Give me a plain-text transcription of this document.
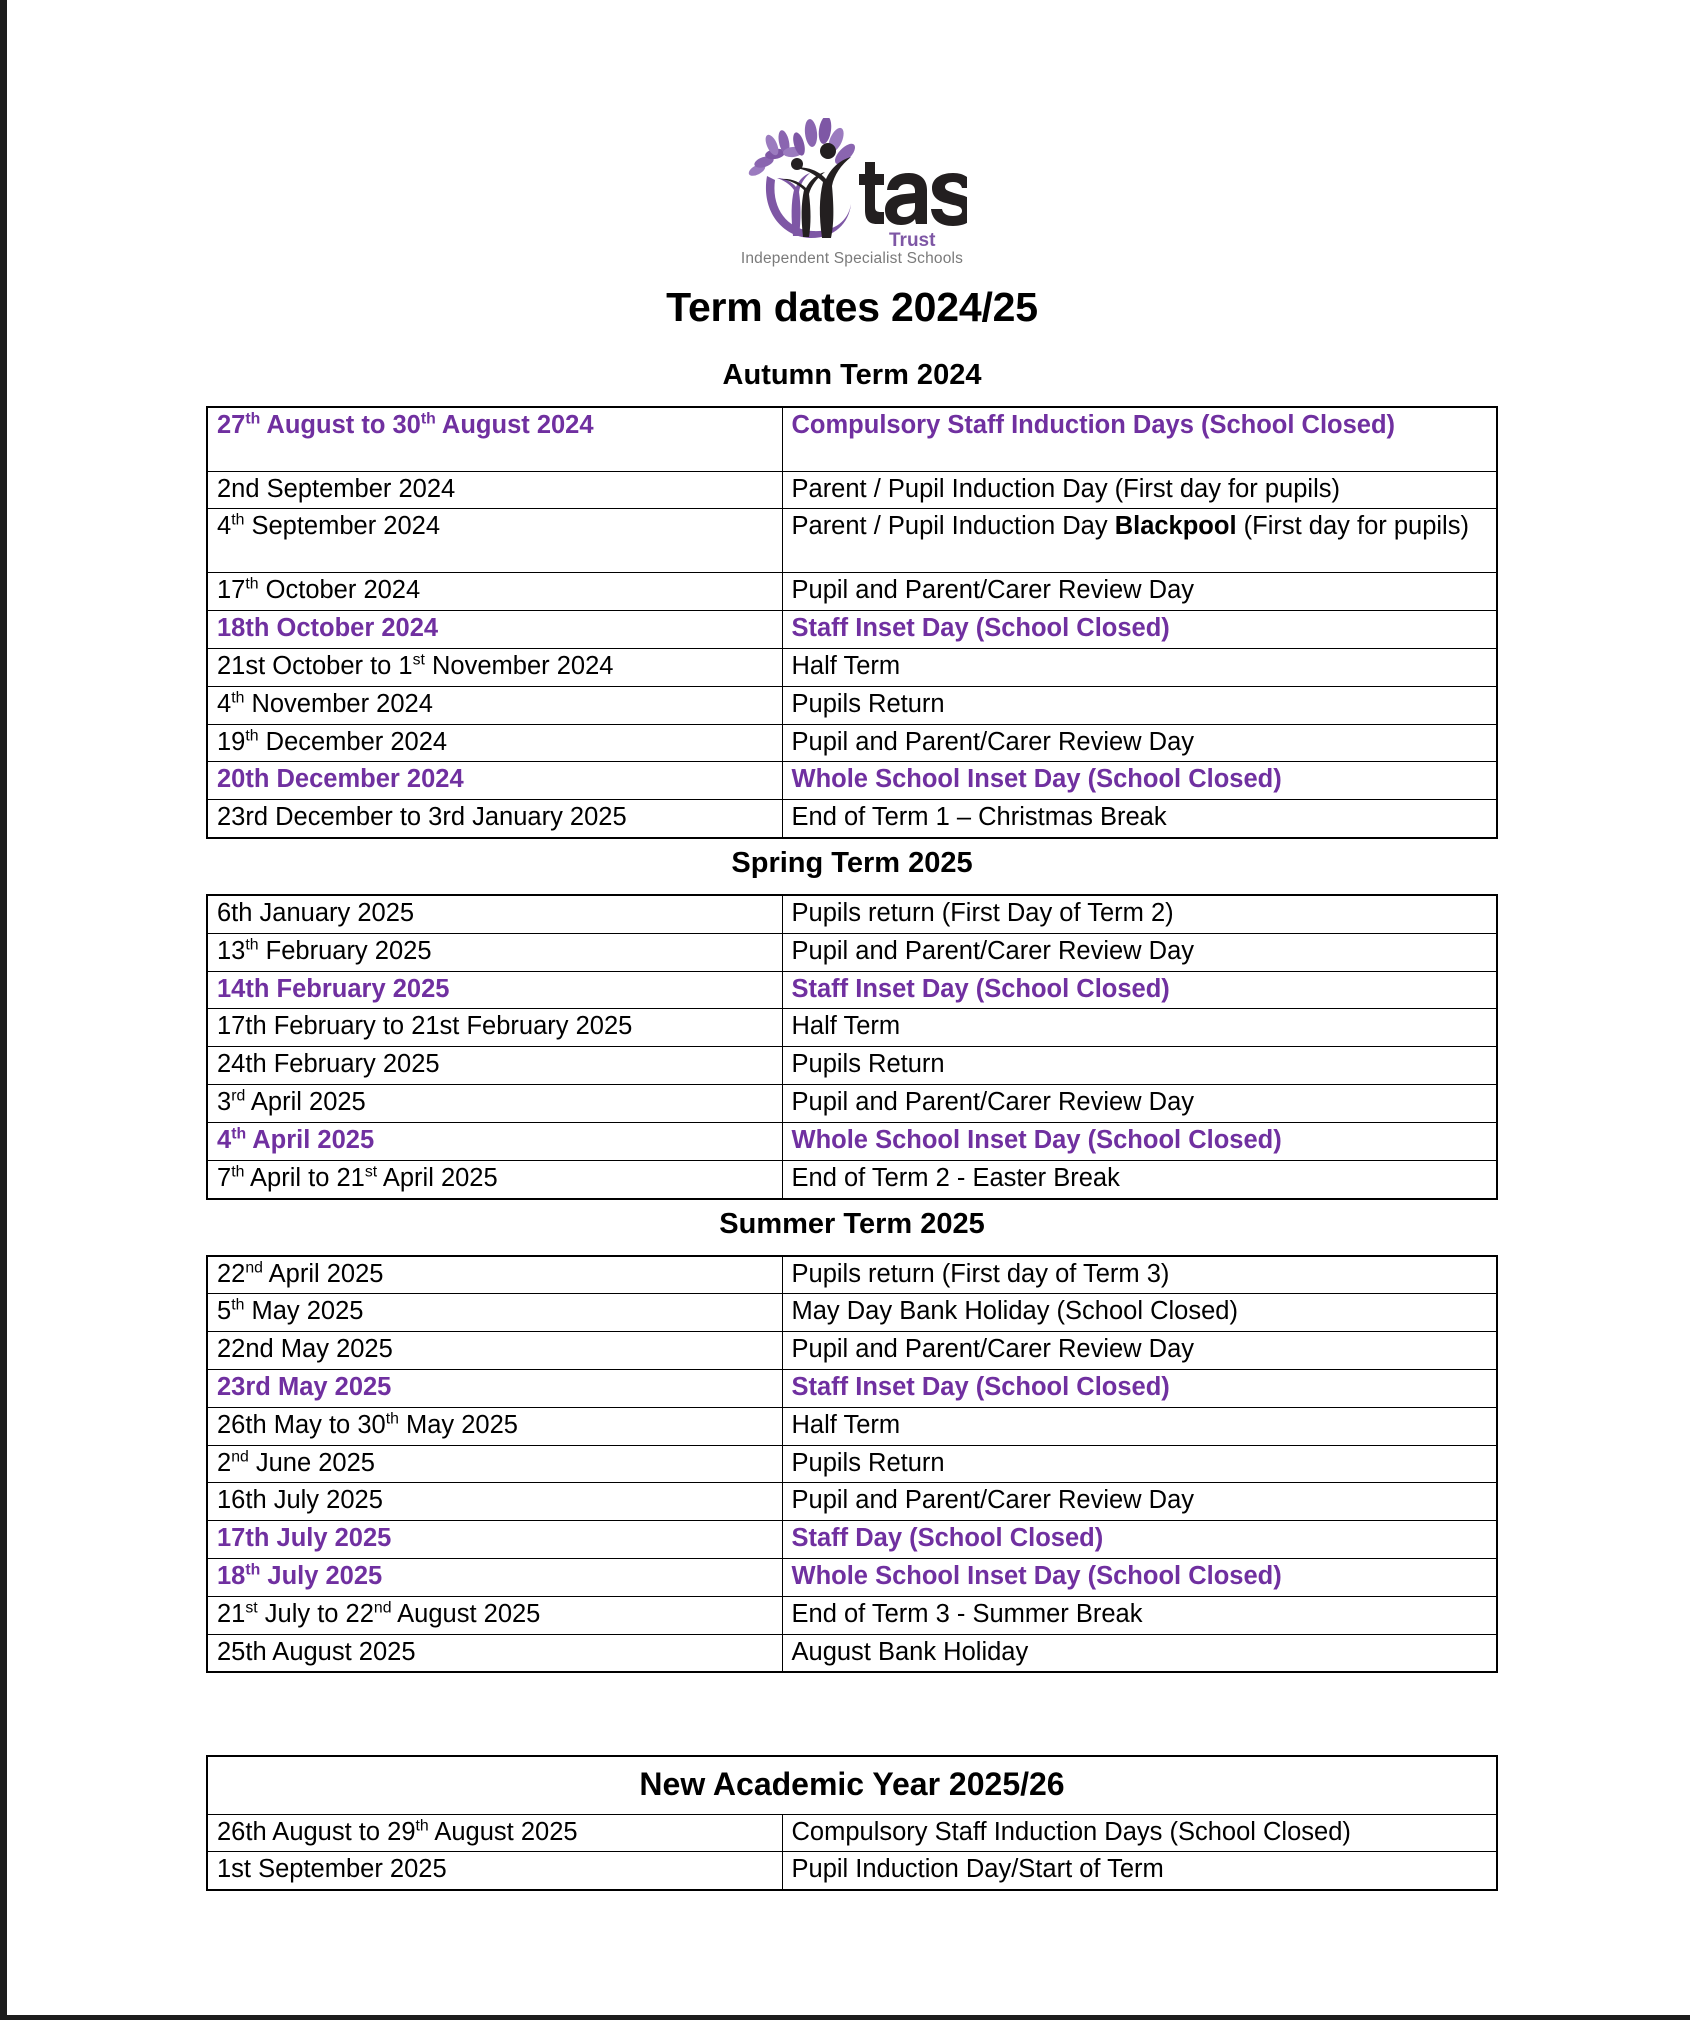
Trust
Independent Specialist Schools
Term dates 2024/25
Autumn Term 2024
27th August to 30th August 2024	Compulsory Staff Induction Days (School Closed)
2nd September 2024	Parent / Pupil Induction Day (First day for pupils)
4th September 2024	Parent / Pupil Induction Day Blackpool (First day for pupils)
17th October 2024	Pupil and Parent/Carer Review Day
18th October 2024	Staff Inset Day (School Closed)
21st October to 1st November 2024	Half Term
4th November 2024	Pupils Return
19th December 2024	Pupil and Parent/Carer Review Day
20th December 2024	Whole School Inset Day (School Closed)
23rd December to 3rd January 2025	End of Term 1 – Christmas Break
Spring Term 2025
6th January 2025	Pupils return (First Day of Term 2)
13th February 2025	Pupil and Parent/Carer Review Day
14th February 2025	Staff Inset Day (School Closed)
17th February to 21st February 2025	Half Term
24th February 2025	Pupils Return
3rd April 2025	Pupil and Parent/Carer Review Day
4th April 2025	Whole School Inset Day (School Closed)
7th April to 21st April 2025	End of Term 2 - Easter Break
Summer Term 2025
22nd April 2025	Pupils return (First day of Term 3)
5th May 2025	May Day Bank Holiday (School Closed)
22nd May 2025	Pupil and Parent/Carer Review Day
23rd May 2025	Staff Inset Day (School Closed)
26th May to 30th May 2025	Half Term
2nd June 2025	Pupils Return
16th July 2025	Pupil and Parent/Carer Review Day
17th July 2025	Staff Day (School Closed)
18th July 2025	Whole School Inset Day (School Closed)
21st July to 22nd August 2025	End of Term 3 - Summer Break
25th August 2025	August Bank Holiday
New Academic Year 2025/26	
26th August to 29th August 2025	Compulsory Staff Induction Days (School Closed)
1st September 2025	Pupil Induction Day/Start of Term
